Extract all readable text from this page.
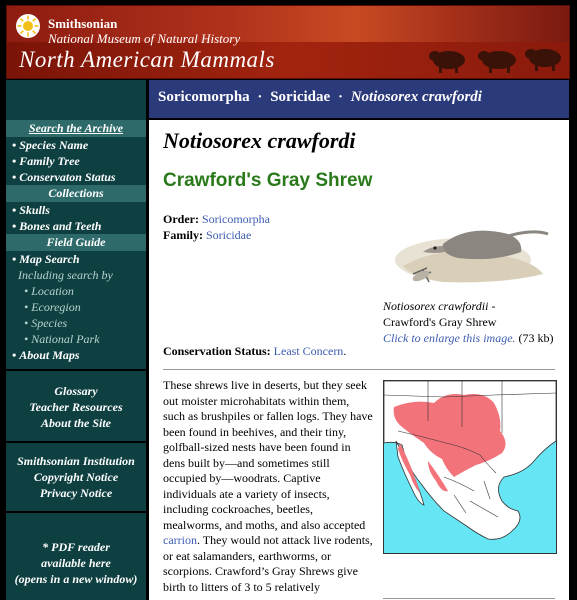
Smithsonian
National Museum of Natural History
North American Mammals
Search the Archive
• Species Name
• Family Tree
• Conservaton Status
Collections
• Skulls
• Bones and Teeth
Field Guide
• Map Search
Including search by
• Location
• Ecoregion
• Species
• National Park
• About Maps
Glossary
Teacher Resources
About the Site
Smithsonian Institution
Copyright Notice
Privacy Notice
* PDF reader
available here
(opens in a new window)
Soricomorpha · Soricidae · Notiosorex crawfordi
Notiosorex crawfordi
Crawford's Gray Shrew
Order: Soricomorpha
Family: Soricidae
Notiosorex crawfordii -
Crawford's Gray Shrew
Click to enlarge this image. (73 kb)
Conservation Status: Least Concern.
These shrews live in deserts, but they seek out moister microhabitats within them, such as brushpiles or fallen logs. They have been found in beehives, and their tiny, golfball-sized nests have been found in dens built by—and sometimes still occupied by—woodrats. Captive individuals ate a variety of insects, including cockroaches, beetles, mealworms, and moths, and also accepted carrion. They would not attack live rodents, or eat salamanders, earthworms, or scorpions. Crawford’s Gray Shrews give birth to litters of 3 to 5 relatively
